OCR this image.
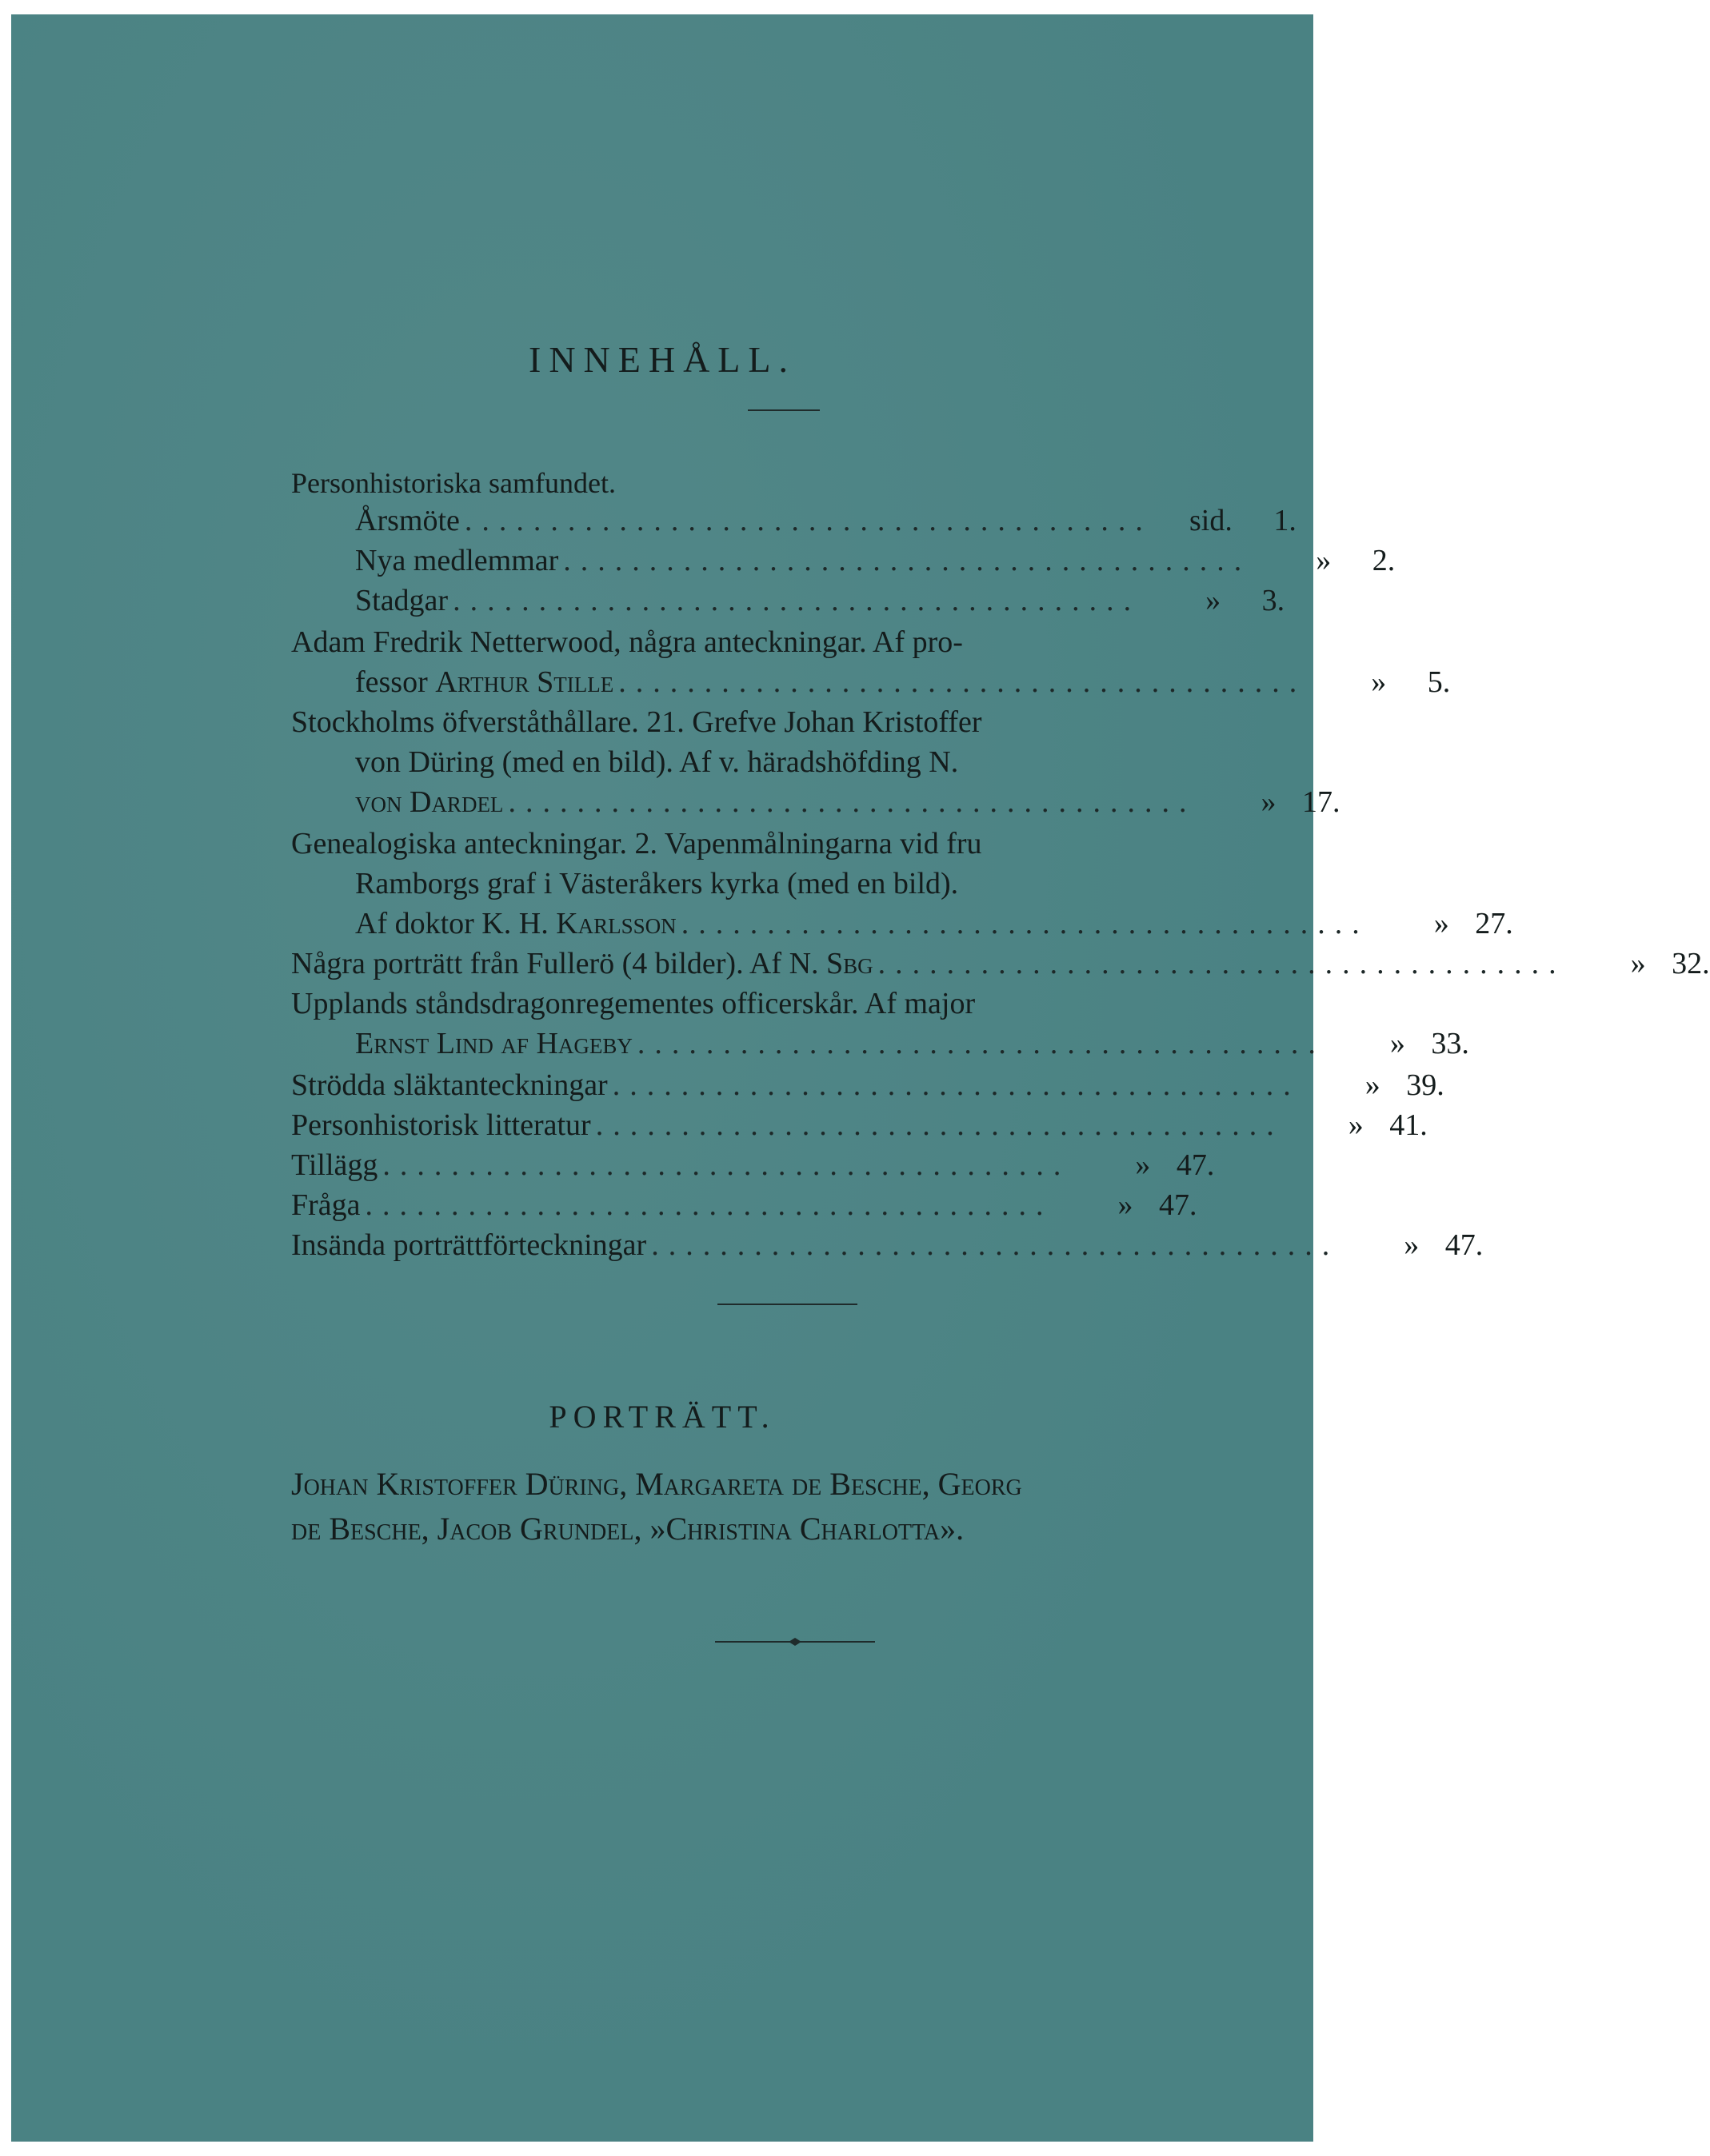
INNEHÅLL.
Personhistoriska samfundet.
Årsmöte ........................................	sid.	1.
Nya medlemmar ........................................	»	2.
Stadgar ........................................	»	3.
Adam Fredrik Netterwood, några anteckningar. Af pro-
fessor Arthur Stille ........................................	»	5.
Stockholms öfverståthållare. 21. Grefve Johan Kristoffer
von Düring (med en bild). Af v. häradshöfding N.
von Dardel ........................................	» 17.
Genealogiska anteckningar. 2. Vapenmålningarna vid fru
Ramborgs graf i Västeråkers kyrka (med en bild).
Af doktor K. H. Karlsson ........................................	» 27.
Några porträtt från Fullerö (4 bilder). Af N. Sbg ........................................	» 32.
Upplands ståndsdragonregementes officerskår. Af major
Ernst Lind af Hageby ........................................	» 33.
Strödda släktanteckningar ........................................	» 39.
Personhistorisk litteratur ........................................	» 41.
Tillägg ........................................	» 47.
Fråga ........................................	» 47.
Insända porträttförteckningar ........................................	» 47.
PORTRÄTT.

Johan Kristoffer Düring, Margareta de Besche, Georg

de Besche, Jacob Grundel, »Christina Charlotta».
